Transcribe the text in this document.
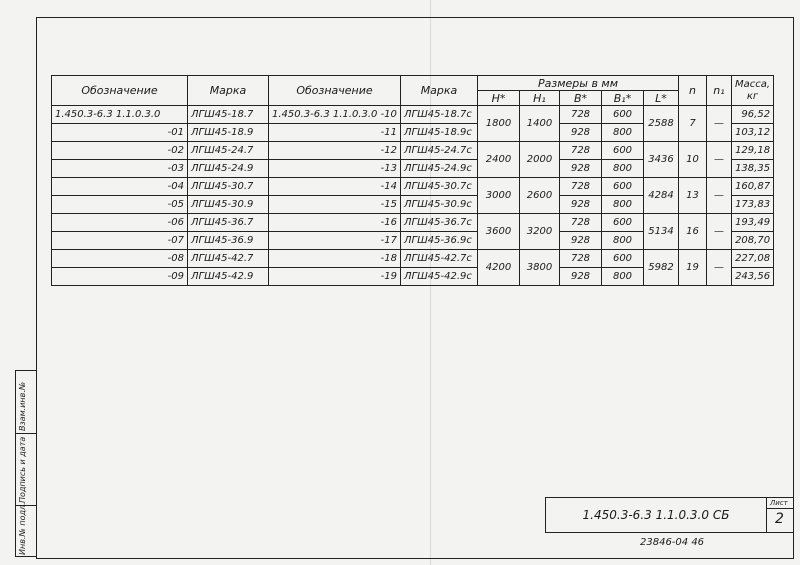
Взам.инв.№
Подпись и дата
Инв.№ подл.
Обозначение	Марка	Обозначение	Марка	Размеры в мм					n	n₁	Масса,
кг
				H*	H₁	B*	B₁*	L*			
1.450.3-6.3 1.1.0.3.0	ЛГШ45-18.7	1.450.3-6.3 1.1.0.3.0 -10	ЛГШ45-18.7с	1800	1400	728	600	2588	7	—	96,52
-01	ЛГШ45-18.9	-11	ЛГШ45-18.9с			928	800				103,12
-02	ЛГШ45-24.7	-12	ЛГШ45-24.7с	2400	2000	728	600	3436	10	—	129,18
-03	ЛГШ45-24.9	-13	ЛГШ45-24.9с			928	800				138,35
-04	ЛГШ45-30.7	-14	ЛГШ45-30.7с	3000	2600	728	600	4284	13	—	160,87
-05	ЛГШ45-30.9	-15	ЛГШ45-30.9с			928	800				173,83
-06	ЛГШ45-36.7	-16	ЛГШ45-36.7с	3600	3200	728	600	5134	16	—	193,49
-07	ЛГШ45-36.9	-17	ЛГШ45-36.9с			928	800				208,70
-08	ЛГШ45-42.7	-18	ЛГШ45-42.7с	4200	3800	728	600	5982	19	—	227,08
-09	ЛГШ45-42.9	-19	ЛГШ45-42.9с			928	800				243,56
1.450.3-6.3 1.1.0.3.0 СБ
Лист
2
23846-04 46
